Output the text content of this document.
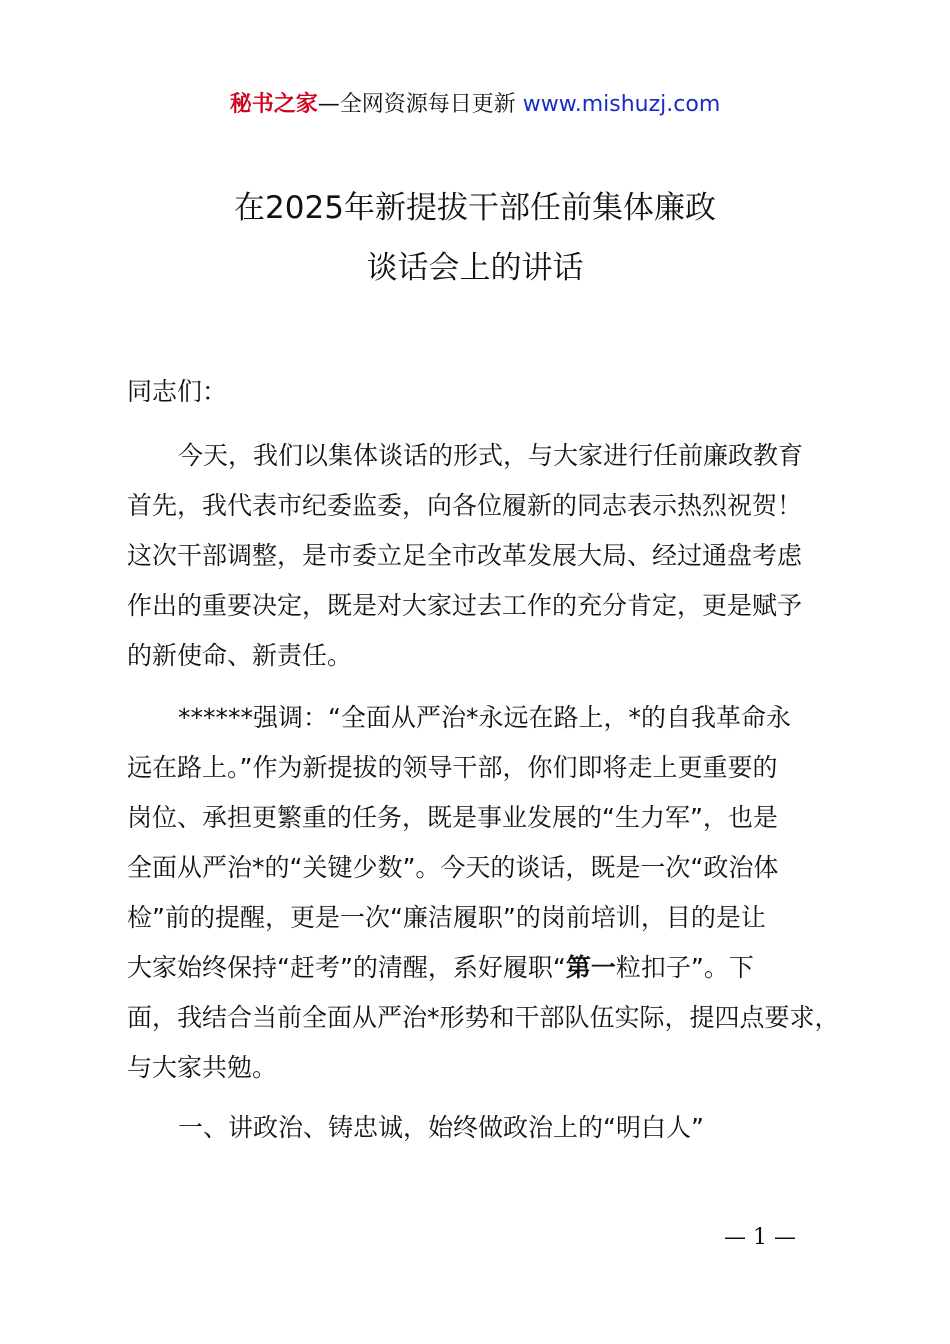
秘书之家—全网资源每日更新 www.mishuzj.com
在2025年新提拔干部任前集体廉政
谈话会上的讲话
同志们：
今天，我们以集体谈话的形式，与大家进行任前廉政教育
首先，我代表市纪委监委，向各位履新的同志表示热烈祝贺！
这次干部调整，是市委立足全市改革发展大局、经过通盘考虑
作出的重要决定，既是对大家过去工作的充分肯定，更是赋予
的新使命、新责任。
******强调：“全面从严治*永远在路上，*的自我革命永
远在路上。”作为新提拔的领导干部，你们即将走上更重要的
岗位、承担更繁重的任务，既是事业发展的“生力军”，也是
全面从严治*的“关键少数”。今天的谈话，既是一次“政治体
检”前的提醒，更是一次“廉洁履职”的岗前培训，目的是让
大家始终保持“赶考”的清醒，系好履职“第一粒扣子”。下
面，我结合当前全面从严治*形势和干部队伍实际，提四点要求，
与大家共勉。
一、讲政治、铸忠诚，始终做政治上的“明白人”
— 1 —
